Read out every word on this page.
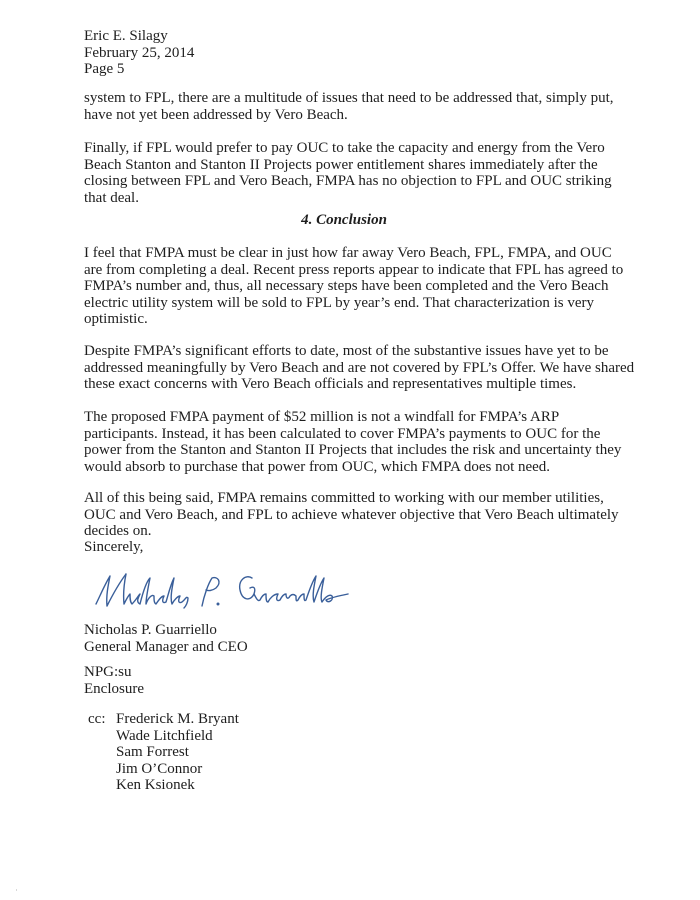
Eric E. Silagy
February 25, 2014
Page 5

system to FPL, there are a multitude of issues that need to be addressed that, simply put,
have not yet been addressed by Vero Beach.

Finally, if FPL would prefer to pay OUC to take the capacity and energy from the Vero
Beach Stanton and Stanton II Projects power entitlement shares immediately after the
closing between FPL and Vero Beach, FMPA has no objection to FPL and OUC striking
that deal.

4. Conclusion

I feel that FMPA must be clear in just how far away Vero Beach, FPL, FMPA, and OUC
are from completing a deal. Recent press reports appear to indicate that FPL has agreed to
FMPA’s number and, thus, all necessary steps have been completed and the Vero Beach
electric utility system will be sold to FPL by year’s end. That characterization is very
optimistic.

Despite FMPA’s significant efforts to date, most of the substantive issues have yet to be
addressed meaningfully by Vero Beach and are not covered by FPL’s Offer. We have shared
these exact concerns with Vero Beach officials and representatives multiple times.

The proposed FMPA payment of $52 million is not a windfall for FMPA’s ARP
participants. Instead, it has been calculated to cover FMPA’s payments to OUC for the
power from the Stanton and Stanton II Projects that includes the risk and uncertainty they
would absorb to purchase that power from OUC, which FMPA does not need.

All of this being said, FMPA remains committed to working with our member utilities,
OUC and Vero Beach, and FPL to achieve whatever objective that Vero Beach ultimately
decides on.

Sincerely,
Nicholas P. Guarriello
General Manager and CEO
NPG:su
Enclosure
cc: Frederick M. Bryant
Wade Litchfield
Sam Forrest
Jim O’Connor
Ken Ksionek
